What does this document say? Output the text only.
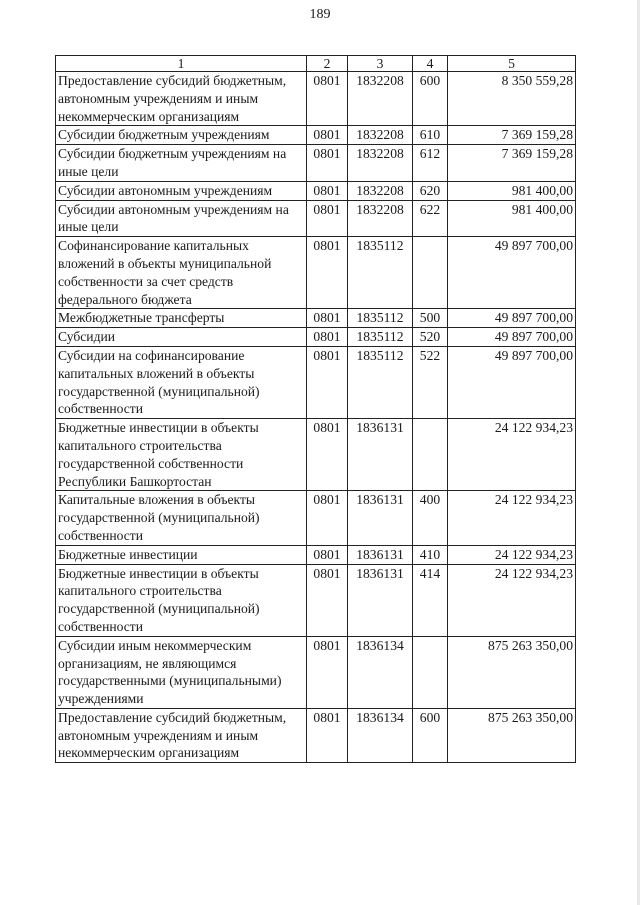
189
1	2	3	4	5
Предоставление субсидий бюджетным, автономным учреждениям и иным некоммерческим организациям	0801	1832208	600	8 350 559,28
Субсидии бюджетным учреждениям	0801	1832208	610	7 369 159,28
Субсидии бюджетным учреждениям на иные цели	0801	1832208	612	7 369 159,28
Субсидии автономным учреждениям	0801	1832208	620	981 400,00
Субсидии автономным учреждениям на иные цели	0801	1832208	622	981 400,00
Софинансирование капитальных вложений в объекты муниципальной собственности за счет средств федерального бюджета	0801	1835112		49 897 700,00
Межбюджетные трансферты	0801	1835112	500	49 897 700,00
Субсидии	0801	1835112	520	49 897 700,00
Субсидии на софинансирование капитальных вложений в объекты государственной (муниципальной) собственности	0801	1835112	522	49 897 700,00
Бюджетные инвестиции в объекты капитального строительства государственной собственности Республики Башкортостан	0801	1836131		24 122 934,23
Капитальные вложения в объекты государственной (муниципальной) собственности	0801	1836131	400	24 122 934,23
Бюджетные инвестиции	0801	1836131	410	24 122 934,23
Бюджетные инвестиции в объекты капитального строительства государственной (муниципальной) собственности	0801	1836131	414	24 122 934,23
Субсидии иным некоммерческим организациям, не являющимся государственными (муниципальными) учреждениями	0801	1836134		875 263 350,00
Предоставление субсидий бюджетным, автономным учреждениям и иным некоммерческим организациям	0801	1836134	600	875 263 350,00
